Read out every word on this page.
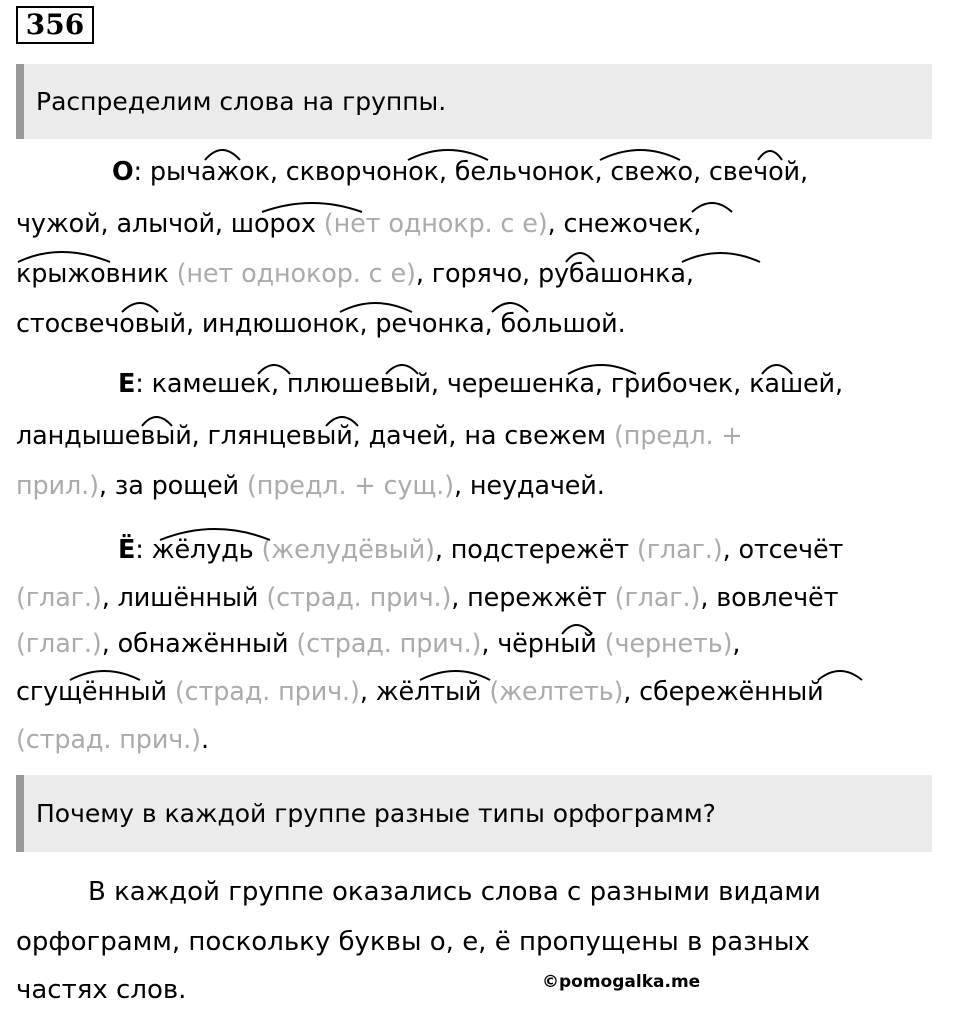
356
Распределим слова на группы.
О: рычажок, скворчонок, бельчонок, свежо, свечой,
чужой, алычой, шорох (нет однокр. с е), снежочек,
крыжовник (нет однокор. с е), горячо, рубашонка,
стосвечовый, индюшонок, речонка, большой.
Е: камешек, плюшевый, черешенка, грибочек, кашей,
ландышевый, глянцевый, дачей, на свежем (предл. +
прил.), за рощей (предл. + сущ.), неудачей.
Ё: жёлудь (желудёвый), подстережёт (глаг.), отсечёт
(глаг.), лишённый (страд. прич.), пережжёт (глаг.), вовлечёт
(глаг.), обнажённый (страд. прич.), чёрный (чернеть),
сгущённый (страд. прич.), жёлтый (желтеть), сбережённый
(страд. прич.).
Почему в каждой группе разные типы орфограмм?
В каждой группе оказались слова с разными видами
орфограмм, поскольку буквы о, е, ё пропущены в разных
частях слов.	©pomogalka.me
